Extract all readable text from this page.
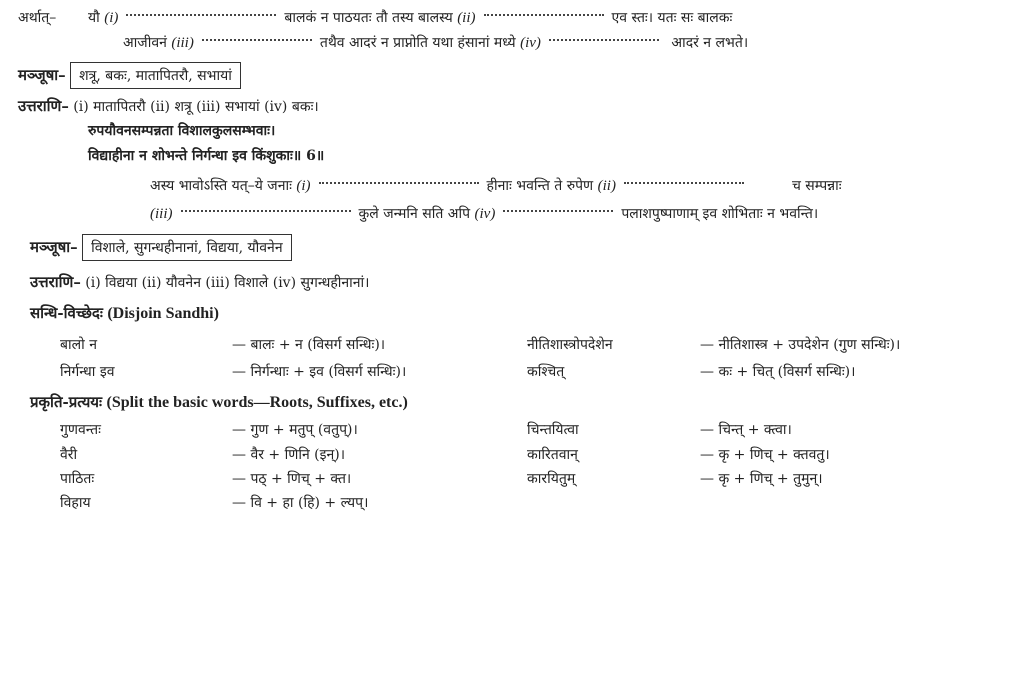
अर्थात्– यौ (i)	बालकं न पाठयतः तौ तस्य बालस्य (ii)	एव स्तः। यतः सः बालकः
आजीवनं (iii)	तथैव आदरं न प्राप्नोति यथा हंसानां मध्ये (iv)	आदरं न लभते।
मञ्जूषा– शत्रू, बकः, मातापितरौ, सभायां
उत्तराणि– (i) मातापितरौ (ii) शत्रू (iii) सभायां (iv) बकः।
रुपयौवनसम्पन्नता विशालकुलसम्भवाः।
विद्याहीना न शोभन्ते निर्गन्धा इव किंशुकाः॥ 6॥
अस्य भावोऽस्ति यत्–ये जनाः (i)	हीनाः भवन्ति ते रुपेण (ii)	च सम्पन्नाः
(iii)	कुले जन्मनि सति अपि (iv)	पलाशपुष्पाणाम् इव शोभिताः न भवन्ति।
मञ्जूषा– विशाले, सुगन्धहीनानां, विद्यया, यौवनेन
उत्तराणि– (i) विद्यया (ii) यौवनेन (iii) विशाले (iv) सुगन्धहीनानां।
सन्धि-विच्छेदः (Disjoin Sandhi)
बालो न	— बालः + न (विसर्ग सन्धिः)।	नीतिशास्त्रोपदेशेन	— नीतिशास्त्र + उपदेशेन (गुण सन्धिः)।
निर्गन्धा इव	— निर्गन्धाः + इव (विसर्ग सन्धिः)।	कश्चित्	— कः + चित् (विसर्ग सन्धिः)।
प्रकृति-प्रत्ययः (Split the basic words—Roots, Suffixes, etc.)
गुणवन्तः	— गुण + मतुप् (वतुप्)।	चिन्तयित्वा	— चिन्त् + क्त्वा।
वैरी	— वैर + णिनि (इन्)।	कारितवान्	— कृ + णिच् + क्तवतु।
पाठितः	— पठ् + णिच् + क्त।	कारयितुम्	— कृ + णिच् + तुमुन्।
विहाय	— वि + हा (हि) + ल्यप्।
